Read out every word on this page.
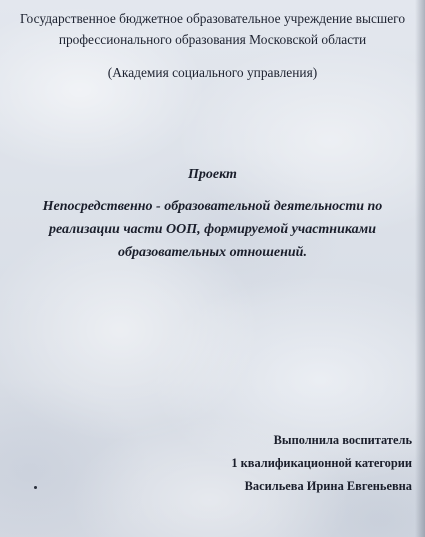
Государственное бюджетное образовательное учреждение высшего
профессионального образования Московской области
(Академия социального управления)
Проект
Непосредственно - образовательной деятельности по
реализации части ООП, формируемой участниками
образовательных отношений.
Выполнила воспитатель
1 квалификационной категории
Васильева Ирина Евгеньевна
